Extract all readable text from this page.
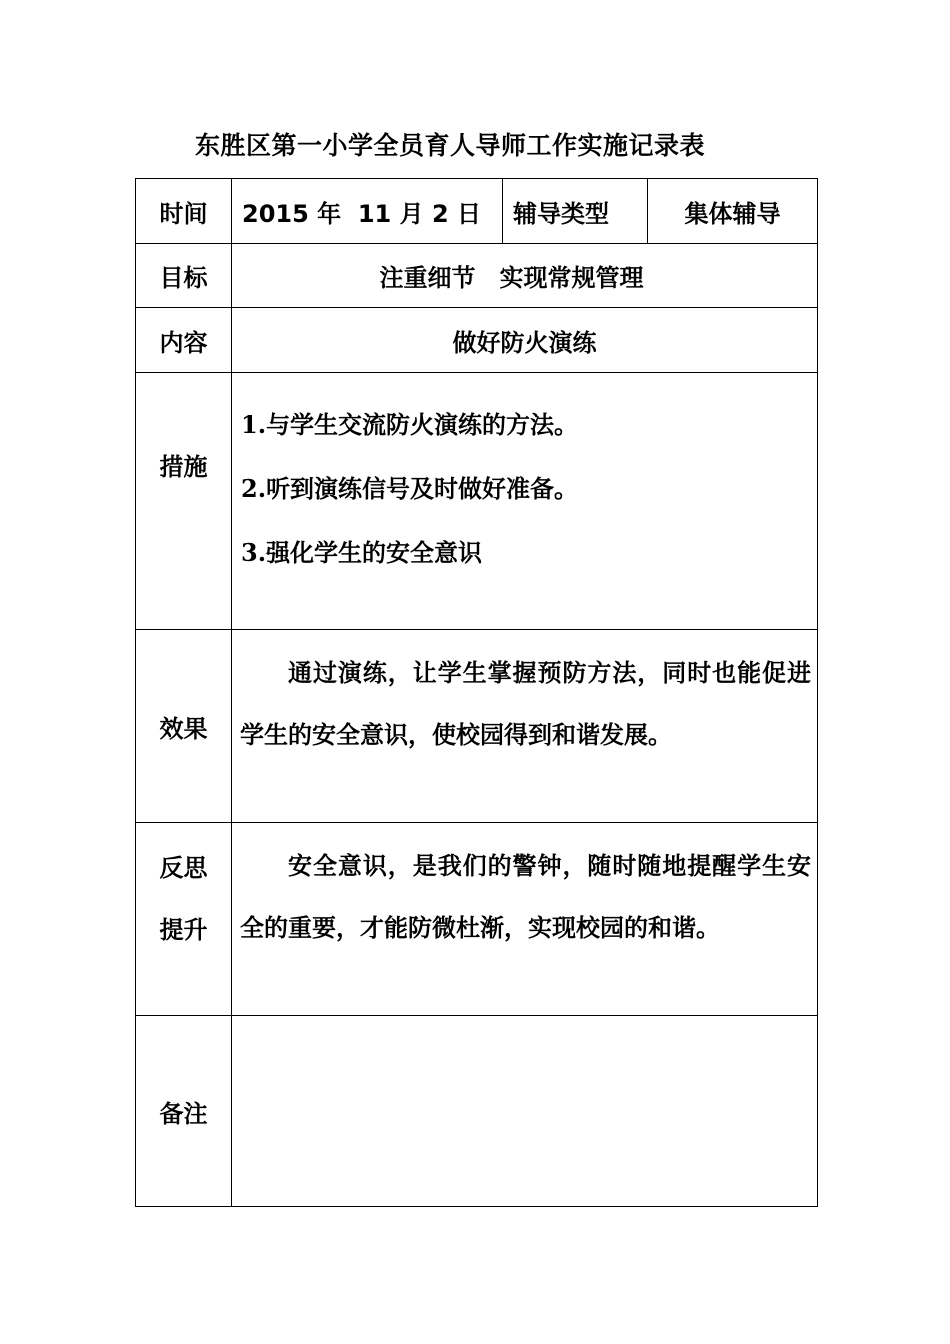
东胜区第一小学全员育人导师工作实施记录表
时间	2015 年  11 月 2 日	辅导类型	集体辅导
目标	注重细节　实现常规管理		
内容	做好防火演练		
措施	1.与学生交流防火演练的方法。
2.听到演练信号及时做好准备。
3.强化学生的安全意识		

效果	通过演练，让学生掌握预防方法，同时也能促进学生的安全意识，使校园得到和谐发展。		

反思
提升	安全意识，是我们的警钟，随时随地提醒学生安全的重要，才能防微杜渐，实现校园的和谐。		
备注			
